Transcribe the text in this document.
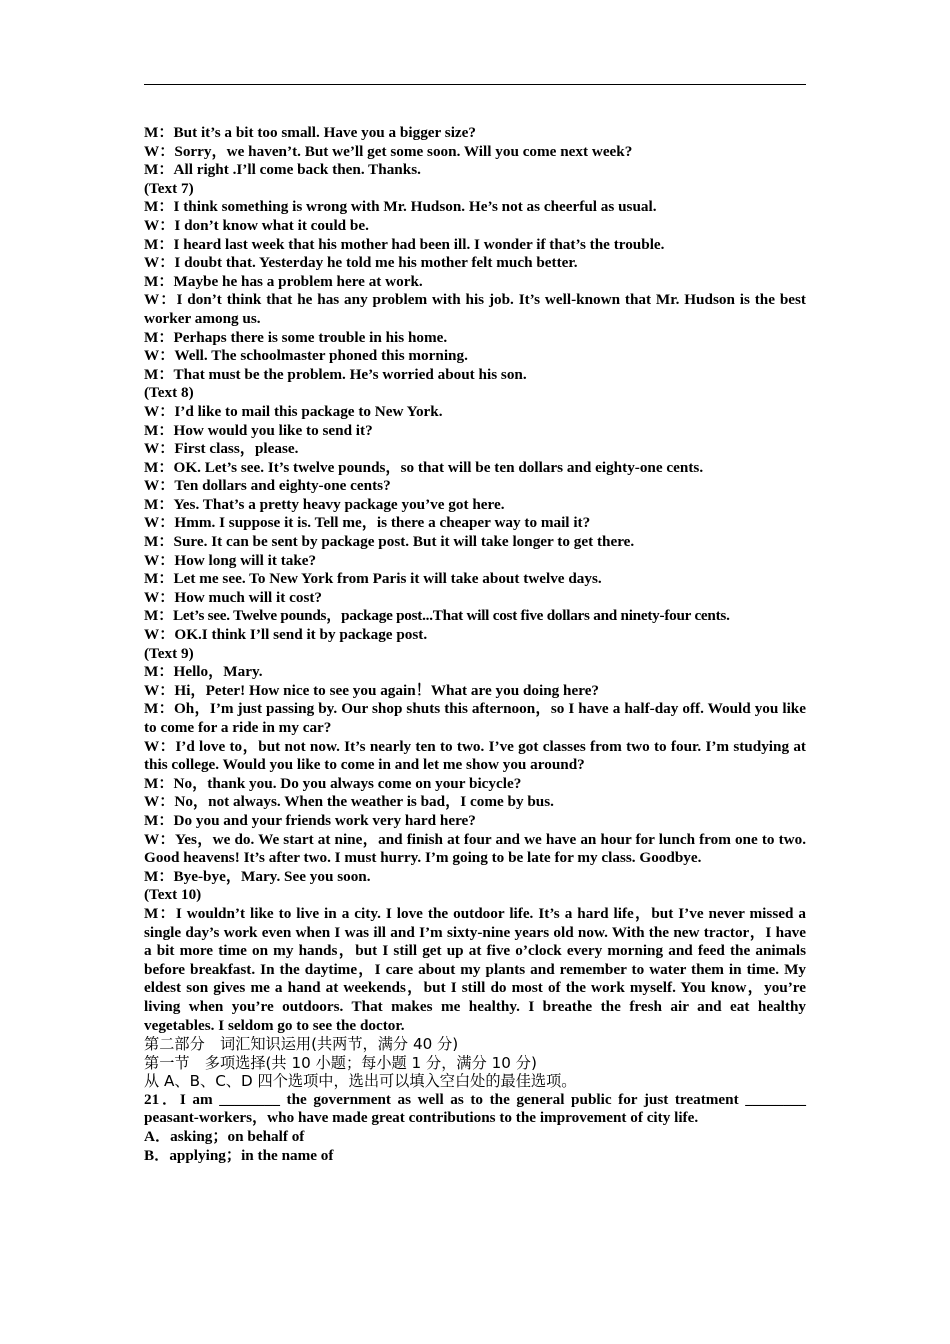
M：But it’s a bit too small. Have you a bigger size?

W：Sorry，we haven’t. But we’ll get some soon. Will you come next week?

M：All right .I’ll come back then. Thanks.

(Text 7)

M：I think something is wrong with Mr. Hudson. He’s not as cheerful as usual.

W：I don’t know what it could be.

M：I heard last week that his mother had been ill. I wonder if that’s the trouble.

W：I doubt that. Yesterday he told me his mother felt much better.

M：Maybe he has a problem here at work.

W：I don’t think that he has any problem with his job. It’s well-known that Mr. Hudson is the best worker among us.

M：Perhaps there is some trouble in his home.

W：Well. The schoolmaster phoned this morning.

M：That must be the problem. He’s worried about his son.

(Text 8)

W：I’d like to mail this package to New York.

M：How would you like to send it?

W：First class，please.

M：OK. Let’s see. It’s twelve pounds，so that will be ten dollars and eighty-one cents.

W：Ten dollars and eighty-one cents?

M：Yes. That’s a pretty heavy package you’ve got here.

W：Hmm. I suppose it is. Tell me，is there a cheaper way to mail it?

M：Sure. It can be sent by package post. But it will take longer to get there.

W：How long will it take?

M：Let me see. To New York from Paris it will take about twelve days.

W：How much will it cost?

M：Let’s see. Twelve pounds，package post...That will cost five dollars and ninety-four cents.

W：OK.I think I’ll send it by package post.

(Text 9)

M：Hello，Mary.

W：Hi，Peter! How nice to see you again！What are you doing here?

M：Oh，I’m just passing by. Our shop shuts this afternoon，so I have a half-day off. Would you like to come for a ride in my car?

W：I’d love to，but not now. It’s nearly ten to two. I’ve got classes from two to four. I’m studying at this college. Would you like to come in and let me show you around?

M：No，thank you. Do you always come on your bicycle?

W：No，not always. When the weather is bad，I come by bus.

M：Do you and your friends work very hard here?

W：Yes，we do. We start at nine，and finish at four and we have an hour for lunch from one to two. Good heavens! It’s after two. I must hurry. I’m going to be late for my class. Goodbye.

M：Bye-bye，Mary. See you soon.

(Text 10)

M：I wouldn’t like to live in a city. I love the outdoor life. It’s a hard life，but I’ve never missed a single day’s work even when I was ill and I’m sixty-nine years old now. With the new tractor，I have a bit more time on my hands，but I still get up at five o’clock every morning and feed the animals before breakfast. In the daytime，I care about my plants and remember to water them in time. My eldest son gives me a hand at weekends，but I still do most of the work myself. You know，you’re living when you’re outdoors. That makes me healthy. I breathe the fresh air and eat healthy vegetables. I seldom go to see the doctor.

第二部分　词汇知识运用(共两节，满分 40 分)

第一节　多项选择(共 10 小题；每小题 1 分，满分 10 分)

从 A、B、C、D 四个选项中，选出可以填入空白处的最佳选项。

21．I am ________ the government as well as to the general public for just treatment ________ peasant-workers，who have made great contributions to the improvement of city life.

A．asking；on behalf of

B．applying；in the name of
